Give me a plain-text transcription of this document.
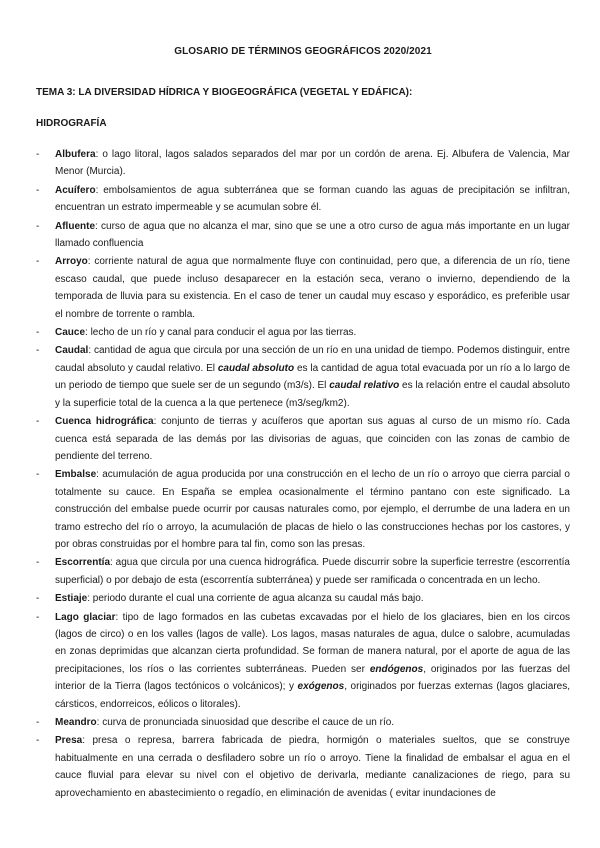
GLOSARIO DE TÉRMINOS GEOGRÁFICOS 2020/2021
TEMA 3: LA DIVERSIDAD HÍDRICA Y BIOGEOGRÁFICA (VEGETAL Y EDÁFICA):
HIDROGRAFÍA
- Albufera: o lago litoral, lagos salados separados del mar por un cordón de arena. Ej. Albufera de Valencia, Mar Menor (Murcia).
- Acuífero: embolsamientos de agua subterránea que se forman cuando las aguas de precipitación se infiltran, encuentran un estrato impermeable y se acumulan sobre él.
- Afluente: curso de agua que no alcanza el mar, sino que se une a otro curso de agua más importante en un lugar llamado confluencia
- Arroyo: corriente natural de agua que normalmente fluye con continuidad, pero que, a diferencia de un río, tiene escaso caudal, que puede incluso desaparecer en la estación seca, verano o invierno, dependiendo de la temporada de lluvia para su existencia. En el caso de tener un caudal muy escaso y esporádico, es preferible usar el nombre de torrente o rambla.
- Cauce: lecho de un río y canal para conducir el agua por las tierras.
- Caudal: cantidad de agua que circula por una sección de un río en una unidad de tiempo. Podemos distinguir, entre caudal absoluto y caudal relativo. El caudal absoluto es la cantidad de agua total evacuada por un río a lo largo de un periodo de tiempo que suele ser de un segundo (m3/s). El caudal relativo es la relación entre el caudal absoluto y la superficie total de la cuenca a la que pertenece (m3/seg/km2).
- Cuenca hidrográfica: conjunto de tierras y acuíferos que aportan sus aguas al curso de un mismo río. Cada cuenca está separada de las demás por las divisorias de aguas, que coinciden con las zonas de cambio de pendiente del terreno.
- Embalse: acumulación de agua producida por una construcción en el lecho de un río o arroyo que cierra parcial o totalmente su cauce. En España se emplea ocasionalmente el término pantano con este significado. La construcción del embalse puede ocurrir por causas naturales como, por ejemplo, el derrumbe de una ladera en un tramo estrecho del río o arroyo, la acumulación de placas de hielo o las construcciones hechas por los castores, y por obras construidas por el hombre para tal fin, como son las presas.
- Escorrentía: agua que circula por una cuenca hidrográfica. Puede discurrir sobre la superficie terrestre (escorrentía superficial) o por debajo de esta (escorrentía subterránea) y puede ser ramificada o concentrada en un lecho.
- Estiaje: periodo durante el cual una corriente de agua alcanza su caudal más bajo.
- Lago glaciar: tipo de lago formados en las cubetas excavadas por el hielo de los glaciares, bien en los circos (lagos de circo) o en los valles (lagos de valle). Los lagos, masas naturales de agua, dulce o salobre, acumuladas en zonas deprimidas que alcanzan cierta profundidad. Se forman de manera natural, por el aporte de agua de las precipitaciones, los ríos o las corrientes subterráneas. Pueden ser endógenos, originados por las fuerzas del interior de la Tierra (lagos tectónicos o volcánicos); y exógenos, originados por fuerzas externas (lagos glaciares, cársticos, endorreicos, eólicos o litorales).
- Meandro: curva de pronunciada sinuosidad que describe el cauce de un río.
- Presa: presa o represa, barrera fabricada de piedra, hormigón o materiales sueltos, que se construye habitualmente en una cerrada o desfiladero sobre un río o arroyo. Tiene la finalidad de embalsar el agua en el cauce fluvial para elevar su nivel con el objetivo de derivarla, mediante canalizaciones de riego, para su aprovechamiento en abastecimiento o regadío, en eliminación de avenidas ( evitar inundaciones de
